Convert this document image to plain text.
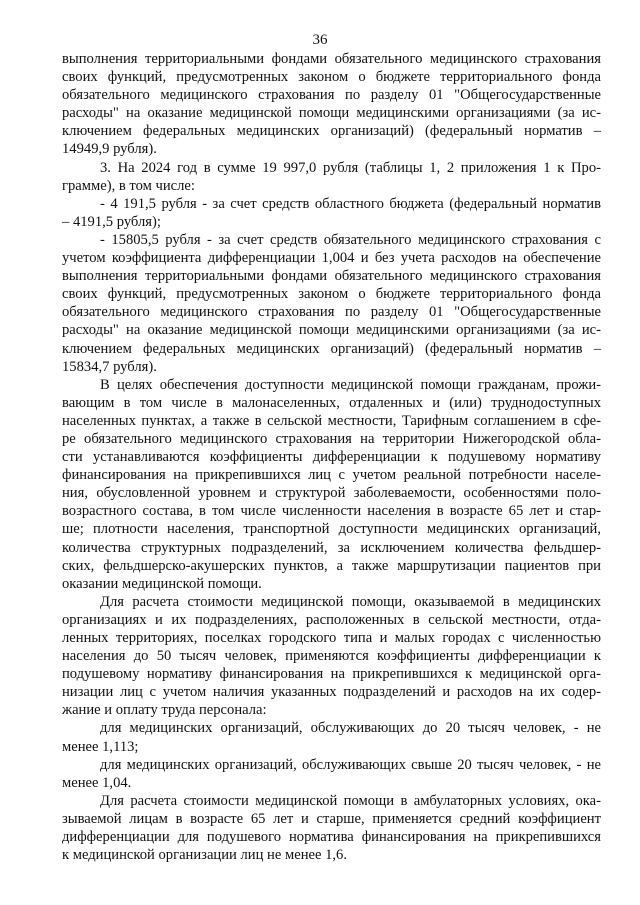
36
выполнения территориальными фондами обязательного медицинского страхования
своих функций, предусмотренных законом о бюджете территориального фонда
обязательного медицинского страхования по разделу 01 "Общегосударственные
расходы" на оказание медицинской помощи медицинскими организациями (за ис-
ключением федеральных медицинских организаций) (федеральный норматив –
14949,9 рубля).
3. На 2024 год в сумме 19 997,0 рубля (таблицы 1, 2 приложения 1 к Про-
грамме), в том числе:
- 4 191,5 рубля - за счет средств областного бюджета (федеральный норматив
– 4191,5 рубля);
- 15805,5 рубля - за счет средств обязательного медицинского страхования с
учетом коэффициента дифференциации 1,004 и без учета расходов на обеспечение
выполнения территориальными фондами обязательного медицинского страхования
своих функций, предусмотренных законом о бюджете территориального фонда
обязательного медицинского страхования по разделу 01 "Общегосударственные
расходы" на оказание медицинской помощи медицинскими организациями (за ис-
ключением федеральных медицинских организаций) (федеральный норматив –
15834,7 рубля).
В целях обеспечения доступности медицинской помощи гражданам, прожи-
вающим в том числе в малонаселенных, отдаленных и (или) труднодоступных
населенных пунктах, а также в сельской местности, Тарифным соглашением в сфе-
ре обязательного медицинского страхования на территории Нижегородской обла-
сти устанавливаются коэффициенты дифференциации к подушевому нормативу
финансирования на прикрепившихся лиц с учетом реальной потребности населе-
ния, обусловленной уровнем и структурой заболеваемости, особенностями поло-
возрастного состава, в том числе численности населения в возрасте 65 лет и стар-
ше; плотности населения, транспортной доступности медицинских организаций,
количества структурных подразделений, за исключением количества фельдшер-
ских, фельдшерско-акушерских пунктов, а также маршрутизации пациентов при
оказании медицинской помощи.
Для расчета стоимости медицинской помощи, оказываемой в медицинских
организациях и их подразделениях, расположенных в сельской местности, отда-
ленных территориях, поселках городского типа и малых городах с численностью
населения до 50 тысяч человек, применяются коэффициенты дифференциации к
подушевому нормативу финансирования на прикрепившихся к медицинской орга-
низации лиц с учетом наличия указанных подразделений и расходов на их содер-
жание и оплату труда персонала:
для медицинских организаций, обслуживающих до 20 тысяч человек, - не
менее 1,113;
для медицинских организаций, обслуживающих свыше 20 тысяч человек, - не
менее 1,04.
Для расчета стоимости медицинской помощи в амбулаторных условиях, ока-
зываемой лицам в возрасте 65 лет и старше, применяется средний коэффициент
дифференциации для подушевого норматива финансирования на прикрепившихся
к медицинской организации лиц не менее 1,6.
